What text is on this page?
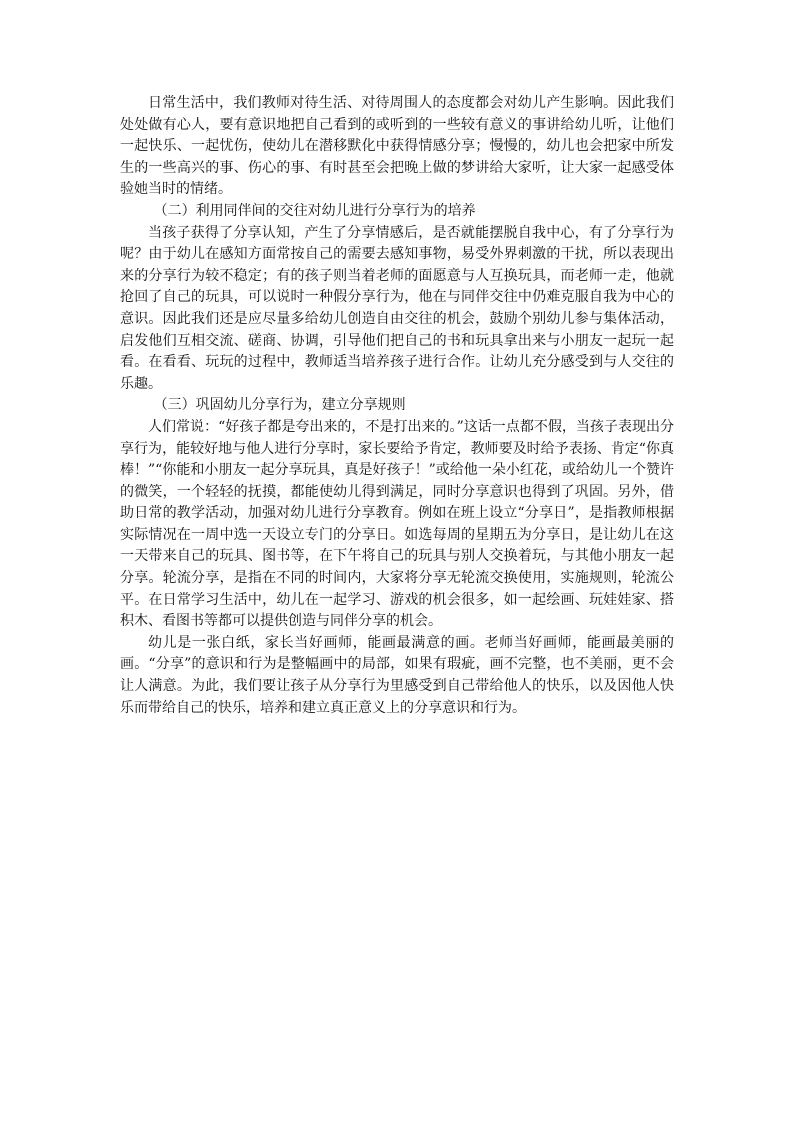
日常生活中，我们教师对待生活、对待周围人的态度都会对幼儿产生影响。因此我们处处做有心人，要有意识地把自己看到的或听到的一些较有意义的事讲给幼儿听，让他们一起快乐、一起忧伤，使幼儿在潜移默化中获得情感分享；慢慢的，幼儿也会把家中所发生的一些高兴的事、伤心的事、有时甚至会把晚上做的梦讲给大家听，让大家一起感受体验她当时的情绪。

（二）利用同伴间的交往对幼儿进行分享行为的培养

当孩子获得了分享认知，产生了分享情感后，是否就能摆脱自我中心，有了分享行为呢？由于幼儿在感知方面常按自己的需要去感知事物，易受外界刺激的干扰，所以表现出来的分享行为较不稳定；有的孩子则当着老师的面愿意与人互换玩具，而老师一走，他就抢回了自己的玩具，可以说时一种假分享行为，他在与同伴交往中仍难克服自我为中心的意识。因此我们还是应尽量多给幼儿创造自由交往的机会，鼓励个别幼儿参与集体活动，启发他们互相交流、磋商、协调，引导他们把自己的书和玩具拿出来与小朋友一起玩一起看。在看看、玩玩的过程中，教师适当培养孩子进行合作。让幼儿充分感受到与人交往的乐趣。

（三）巩固幼儿分享行为，建立分享规则

人们常说：“好孩子都是夸出来的，不是打出来的。”这话一点都不假，当孩子表现出分享行为，能较好地与他人进行分享时，家长要给予肯定，教师要及时给予表扬、肯定“你真棒！”“你能和小朋友一起分享玩具，真是好孩子！”或给他一朵小红花，或给幼儿一个赞许的微笑，一个轻轻的抚摸，都能使幼儿得到满足，同时分享意识也得到了巩固。另外，借助日常的教学活动，加强对幼儿进行分享教育。例如在班上设立“分享日”，是指教师根据实际情况在一周中选一天设立专门的分享日。如选每周的星期五为分享日，是让幼儿在这一天带来自己的玩具、图书等，在下午将自己的玩具与别人交换着玩，与其他小朋友一起分享。轮流分享，是指在不同的时间内，大家将分享无轮流交换使用，实施规则，轮流公平。在日常学习生活中，幼儿在一起学习、游戏的机会很多，如一起绘画、玩娃娃家、搭积木、看图书等都可以提供创造与同伴分享的机会。

幼儿是一张白纸，家长当好画师，能画最满意的画。老师当好画师，能画最美丽的画。“分享”的意识和行为是整幅画中的局部，如果有瑕疵，画不完整，也不美丽，更不会让人满意。为此，我们要让孩子从分享行为里感受到自己带给他人的快乐，以及因他人快乐而带给自己的快乐，培养和建立真正意义上的分享意识和行为。
